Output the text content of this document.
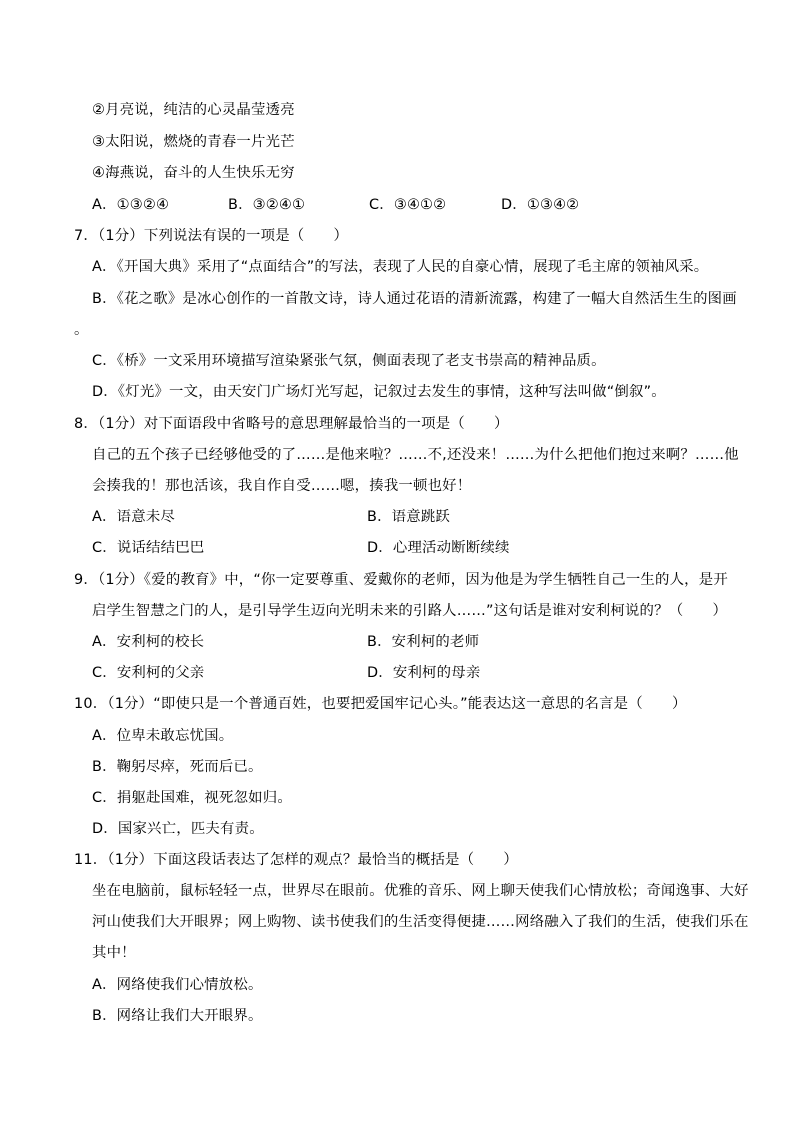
②月亮说，纯洁的心灵晶莹透亮
③太阳说，燃烧的青春一片光芒
④海燕说，奋斗的人生快乐无穷
A．①③②④	B．③②④①	C．③④①②	D．①③④②
7．（1分）下列说法有误的一项是（　　）
A．《开国大典》采用了“点面结合”的写法，表现了人民的自豪心情，展现了毛主席的领袖风采。
B．《花之歌》是冰心创作的一首散文诗，诗人通过花语的清新流露，构建了一幅大自然活生生的图画
。
C．《桥》一文采用环境描写渲染紧张气氛，侧面表现了老支书崇高的精神品质。
D．《灯光》一文，由天安门广场灯光写起，记叙过去发生的事情，这种写法叫做“倒叙”。
8．（1分）对下面语段中省略号的意思理解最恰当的一项是（　　）
自己的五个孩子已经够他受的了……是他来啦？……不,还没来！……为什么把他们抱过来啊？……他
会揍我的！那也活该，我自作自受……嗯，揍我一顿也好！
A．语意未尽	B．语意跳跃
C．说话结结巴巴	D．心理活动断断续续
9．（1分）《爱的教育》中，“你一定要尊重、爱戴你的老师，因为他是为学生牺牲自己一生的人，是开
启学生智慧之门的人，是引导学生迈向光明未来的引路人……”这句话是谁对安利柯说的？（　　）
A．安利柯的校长	B．安利柯的老师
C．安利柯的父亲	D．安利柯的母亲
10．（1分）“即使只是一个普通百姓，也要把爱国牢记心头。”能表达这一意思的名言是（　　）
A．位卑未敢忘忧国。
B．鞠躬尽瘁，死而后已。
C．捐躯赴国难，视死忽如归。
D．国家兴亡，匹夫有责。
11．（1分）下面这段话表达了怎样的观点？最恰当的概括是（　　）
坐在电脑前，鼠标轻轻一点，世界尽在眼前。优雅的音乐、网上聊天使我们心情放松；奇闻逸事、大好
河山使我们大开眼界；网上购物、读书使我们的生活变得便捷……网络融入了我们的生活，使我们乐在
其中！
A．网络使我们心情放松。
B．网络让我们大开眼界。
